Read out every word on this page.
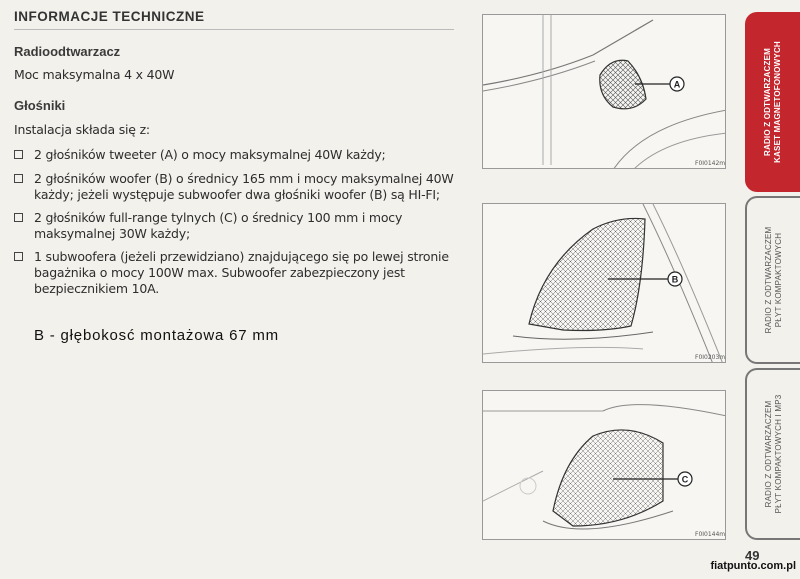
INFORMACJE TECHNICZNE
Radioodtwarzacz
Moc maksymalna 4 x 40W
Głośniki
Instalacja składa się z:
2 głośników tweeter (A) o mocy maksymalnej 40W każdy;
2 głośników woofer (B) o średnicy 165 mm i mocy maksymalnej 40W każdy; jeżeli występuje subwoofer dwa głośniki woofer (B) są HI-FI;
2 głośników full-range tylnych (C) o średnicy 100 mm i mocy maksymalnej 30W każdy;
1 subwoofera (jeżeli przewidziano) znajdującego się po lewej stronie bagażnika o mocy 100W max. Subwoofer zabezpieczony jest bezpiecznikiem 10A.
B - głębokosć montażowa 67 mm
A
F0I0142m
B
F0I0203m
C
F0I0144m
RADIO Z ODTWARZACZEM KASET MAGNETOFONOWYCH
RADIO Z ODTWARZACZEM PŁYT KOMPAKTOWYCH
RADIO Z ODTWARZACZEM PŁYT KOMPAKTOWYCH I MP3
49
fiatpunto.com.pl
